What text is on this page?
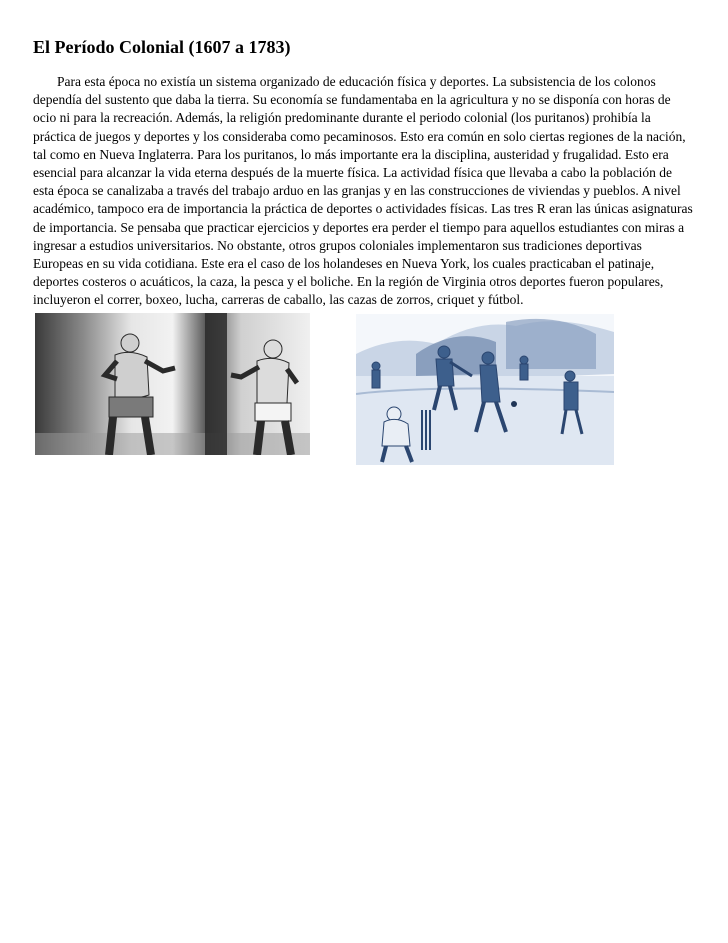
El Período Colonial (1607 a 1783)

Para esta época no existía un sistema organizado de educación física y deportes. La subsistencia de los colonos dependía del sustento que daba la tierra. Su economía se fundamentaba en la agricultura y no se disponía con horas de ocio ni para la recreación. Además, la religión predominante durante el periodo colonial (los puritanos) prohibía la práctica de juegos y deportes y los consideraba como pecaminosos. Esto era común en solo ciertas regiones de la nación, tal como en Nueva Inglaterra. Para los puritanos, lo más importante era la disciplina, austeridad y frugalidad. Esto era esencial para alcanzar la vida eterna después de la muerte física. La actividad física que llevaba a cabo la población de esta época se canalizaba a través del trabajo arduo en las granjas y en las construcciones de viviendas y pueblos. A nivel académico, tampoco era de importancia la práctica de deportes o actividades físicas. Las tres R eran las únicas asignaturas de importancia. Se pensaba que practicar ejercicios y deportes era perder el tiempo para aquellos estudiantes con miras a ingresar a estudios universitarios. No obstante, otros grupos coloniales implementaron sus tradiciones deportivas Europeas en su vida cotidiana. Este era el caso de los holandeses en Nueva York, los cuales practicaban el patinaje, deportes costeros o acuáticos, la caza, la pesca y el boliche. En la región de Virginia otros deportes fueron populares, incluyeron el correr, boxeo, lucha, carreras de caballo, las cazas de zorros, criquet y fútbol.
